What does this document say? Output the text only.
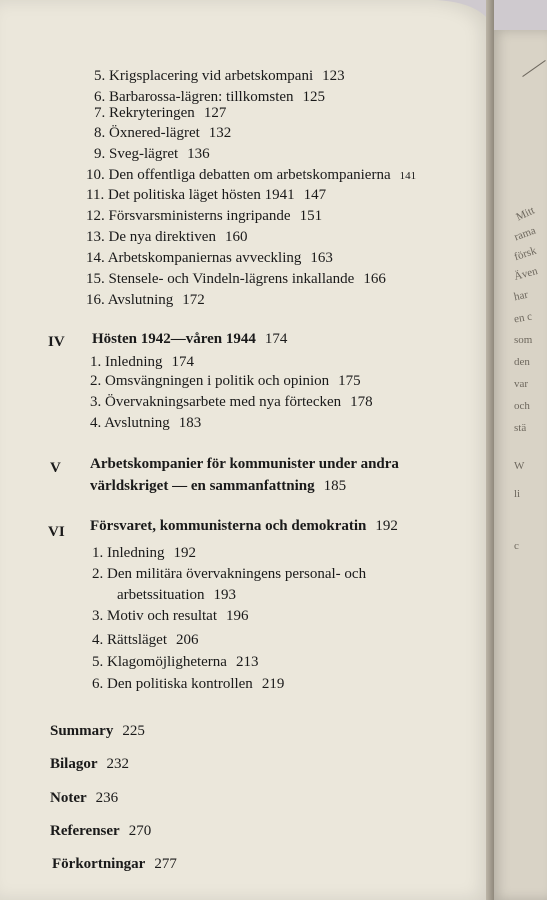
Mitt
rama
försk
Även
har
en c
som
den
var
och
stä
W
li
c
5. Krigsplacering vid arbetskompani 123
6. Barbarossa-lägren: tillkomsten 125
7. Rekryteringen 127
8. Öxnered-lägret 132
9. Sveg-lägret 136
10. Den offentliga debatten om arbetskompanierna 141
11. Det politiska läget hösten 1941 147
12. Försvarsministerns ingripande 151
13. De nya direktiven 160
14. Arbetskompaniernas avveckling 163
15. Stensele- och Vindeln-lägrens inkallande 166
16. Avslutning 172
IV Hösten 1942—våren 1944 174
1. Inledning 174
2. Omsvängningen i politik och opinion 175
3. Övervakningsarbete med nya förtecken 178
4. Avslutning 183
V Arbetskompanier för kommunister under andra
världskriget — en sammanfattning 185
VI Försvaret, kommunisterna och demokratin 192
1. Inledning 192
2. Den militära övervakningens personal- och
arbetssituation 193
3. Motiv och resultat 196
4. Rättsläget 206
5. Klagomöjligheterna 213
6. Den politiska kontrollen 219
Summary 225
Bilagor 232
Noter 236
Referenser 270
Förkortningar 277
